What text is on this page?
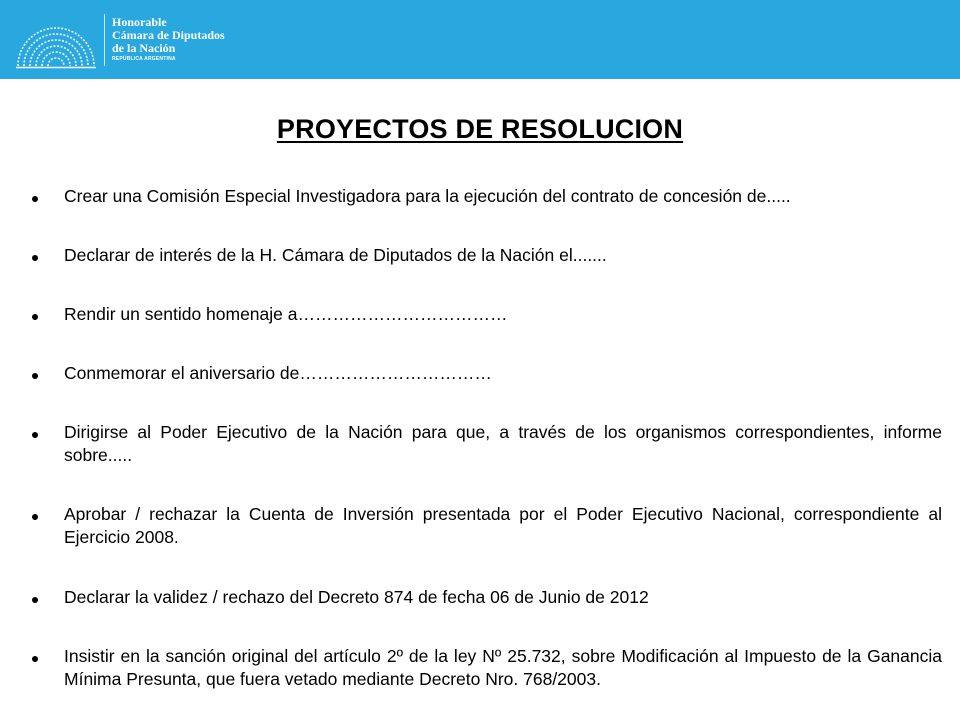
Honorable
Cámara de Diputados
de la Nación
REPÚBLICA ARGENTINA
PROYECTOS DE RESOLUCION
Crear una Comisión Especial Investigadora para la ejecución del contrato de concesión de.....
Declarar de interés de la H. Cámara de Diputados de la Nación el.......
Rendir un sentido homenaje a………………………………
Conmemorar el aniversario de……………………………
Dirigirse al Poder Ejecutivo de la Nación para que, a través de los organismos correspondientes, informe sobre.....
Aprobar / rechazar la Cuenta de Inversión presentada por el Poder Ejecutivo Nacional, correspondiente al Ejercicio 2008.
Declarar la validez / rechazo del Decreto 874 de fecha 06 de Junio de 2012
Insistir en la sanción original del artículo 2º de la ley Nº 25.732, sobre Modificación al Impuesto de la Ganancia Mínima Presunta, que fuera vetado mediante Decreto Nro. 768/2003.
